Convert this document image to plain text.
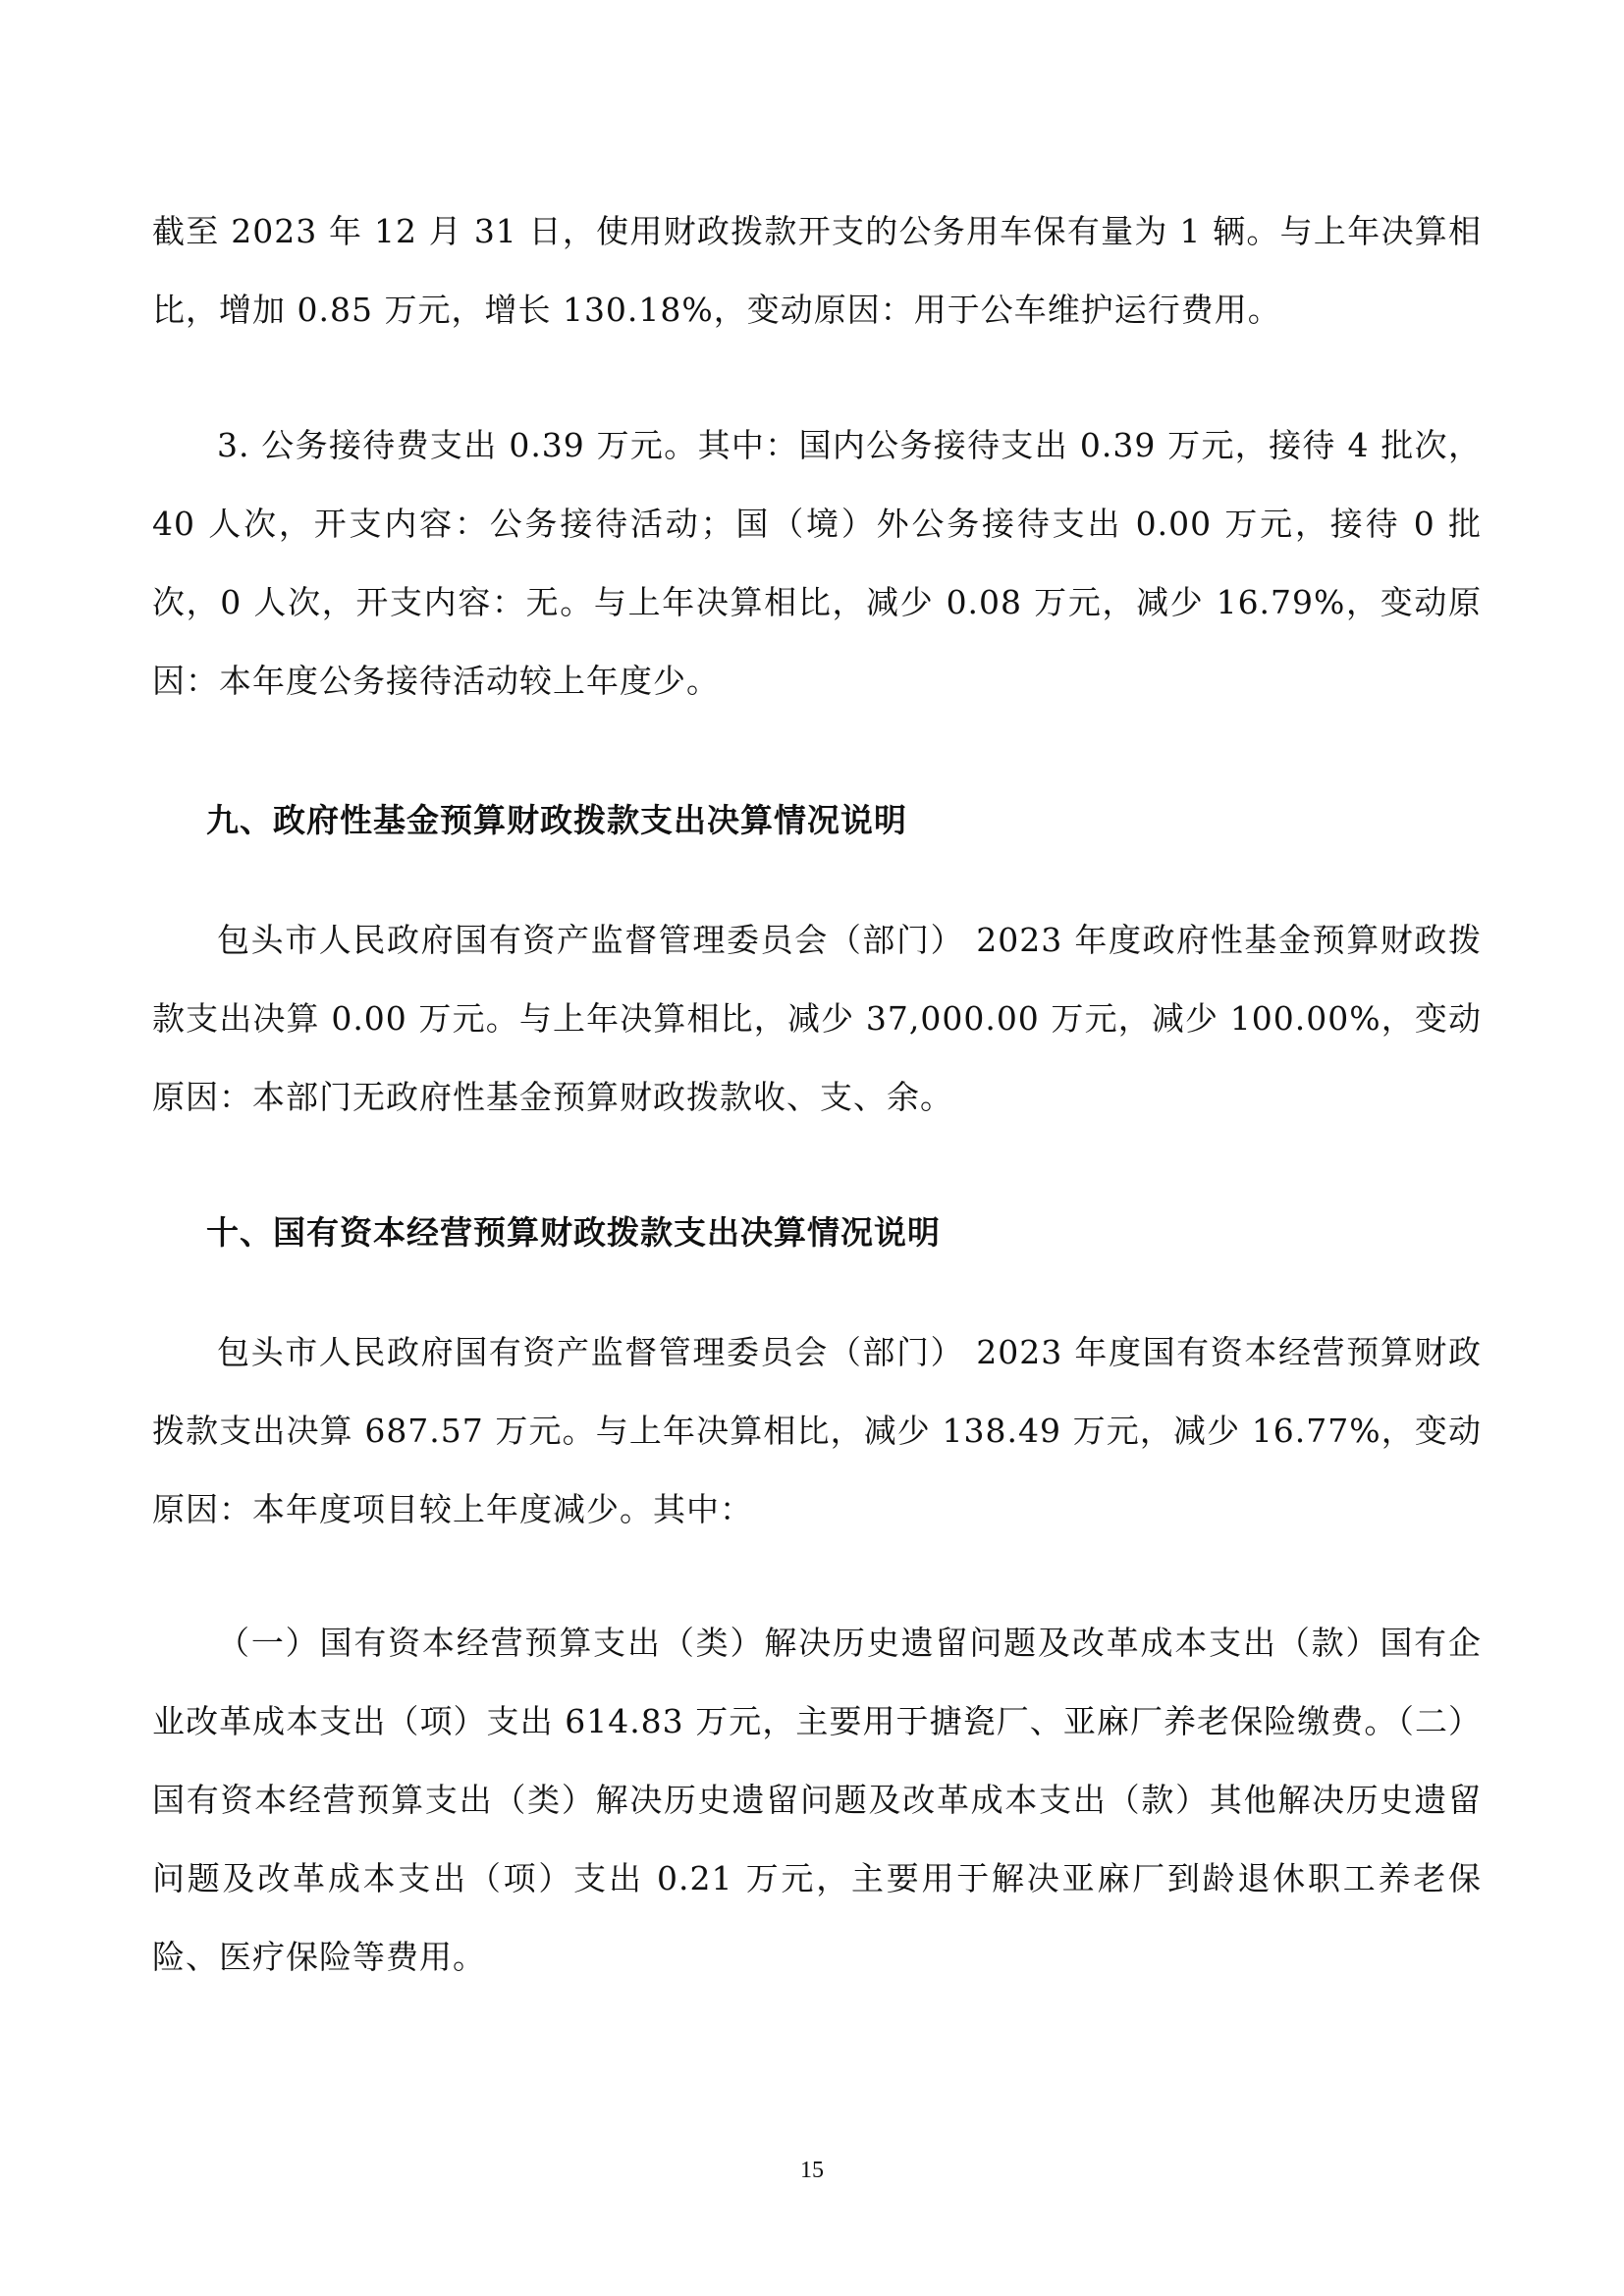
截至 2023 年 12 月 31 日，使用财政拨款开支的公务用车保有量为 1 辆。与上年决算相比，增加 0.85 万元，增长 130.18%，变动原因：用于公车维护运行费用。

3. 公务接待费支出 0.39 万元。其中：国内公务接待支出 0.39 万元，接待 4 批次，40 人次，开支内容：公务接待活动；国（境）外公务接待支出 0.00 万元，接待 0 批次，0 人次，开支内容：无。与上年决算相比，减少 0.08 万元，减少 16.79%，变动原因：本年度公务接待活动较上年度少。

九、政府性基金预算财政拨款支出决算情况说明

包头市人民政府国有资产监督管理委员会（部门） 2023 年度政府性基金预算财政拨款支出决算 0.00 万元。与上年决算相比，减少 37,000.00 万元，减少 100.00%，变动原因：本部门无政府性基金预算财政拨款收、支、余。

十、国有资本经营预算财政拨款支出决算情况说明

包头市人民政府国有资产监督管理委员会（部门） 2023 年度国有资本经营预算财政拨款支出决算 687.57 万元。与上年决算相比，减少 138.49 万元，减少 16.77%，变动原因：本年度项目较上年度减少。其中：

（一）国有资本经营预算支出（类）解决历史遗留问题及改革成本支出（款）国有企业改革成本支出（项）支出 614.83 万元，主要用于搪瓷厂、亚麻厂养老保险缴费。（二）国有资本经营预算支出（类）解决历史遗留问题及改革成本支出（款）其他解决历史遗留问题及改革成本支出（项）支出 0.21 万元，主要用于解决亚麻厂到龄退休职工养老保险、医疗保险等费用。

15
